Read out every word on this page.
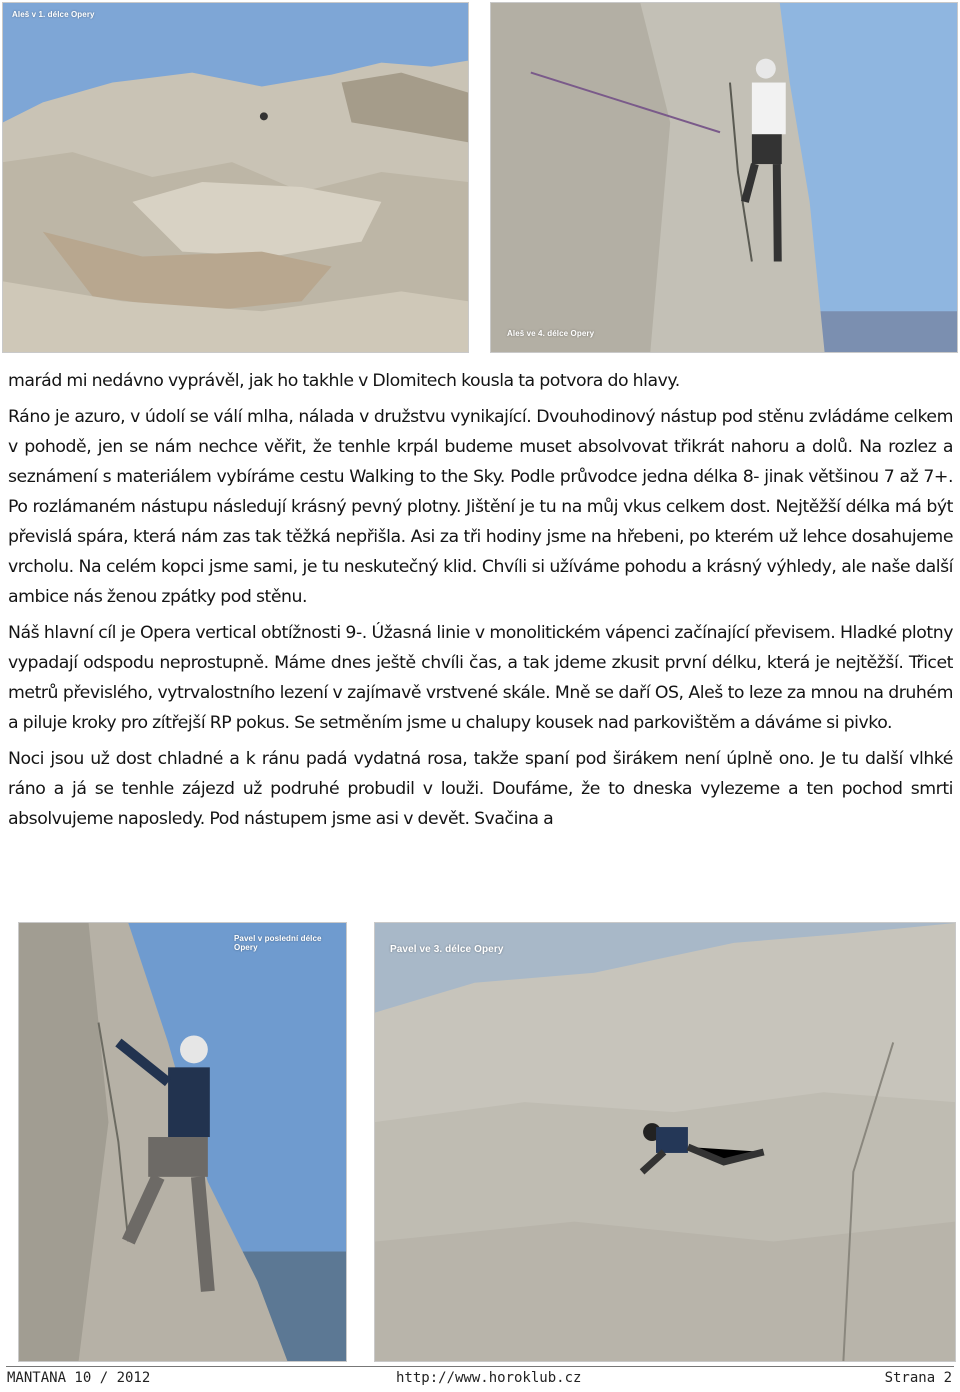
Aleš v 1. délce Opery
Aleš ve 4. délce Opery

marád mi nedávno vyprávěl, jak ho takhle v Dlomitech kousla ta potvora do hlavy.

Ráno je azuro, v údolí se válí mlha, nálada v družstvu vynikající. Dvouhodinový nástup pod stěnu zvládáme celkem v pohodě, jen se nám nechce věřit, že tenhle krpál budeme muset absolvovat třikrát nahoru a dolů. Na rozlez a seznámení s materiálem vybíráme cestu Walking to the Sky. Podle průvodce jedna délka 8- jinak většinou 7 až 7+. Po rozlámaném nástupu následují krásný pevný plotny. Jištění je tu na můj vkus celkem dost. Nejtěžší délka má být převislá spára, která nám zas tak těžká nepřišla. Asi za tři hodiny jsme na hřebeni, po kterém už lehce dosahujeme vrcholu. Na celém kopci jsme sami, je tu neskutečný klid. Chvíli si užíváme pohodu a krásný výhledy, ale naše další ambice nás ženou zpátky pod stěnu.

Náš hlavní cíl je Opera vertical obtížnosti 9-. Úžasná linie v monolitickém vápenci začínající převisem. Hladké plotny vypadají odspodu neprostupně. Máme dnes ještě chvíli čas, a tak jdeme zkusit první délku, která je nejtěžší. Třicet metrů převislého, vytrvalostního lezení v zajímavě vrstvené skále. Mně se daří OS, Aleš to leze za mnou na druhém a piluje kroky pro zítřejší RP pokus. Se setměním jsme u chalupy kousek nad parkovištěm a dáváme si pivko.

Noci jsou už dost chladné a k ránu padá vydatná rosa, takže spaní pod širákem není úplně ono. Je tu další vlhké ráno a já se tenhle zájezd už podruhé probudil v louži. Doufáme, že to dneska vylezeme a ten pochod smrti absolvujeme naposledy. Pod nástupem jsme asi v devět. Svačina a

Pavel v poslední délce Opery	Pavel ve 3. délce Opery
MANTANA 10 / 2012	http://www.horoklub.cz	Strana 2
